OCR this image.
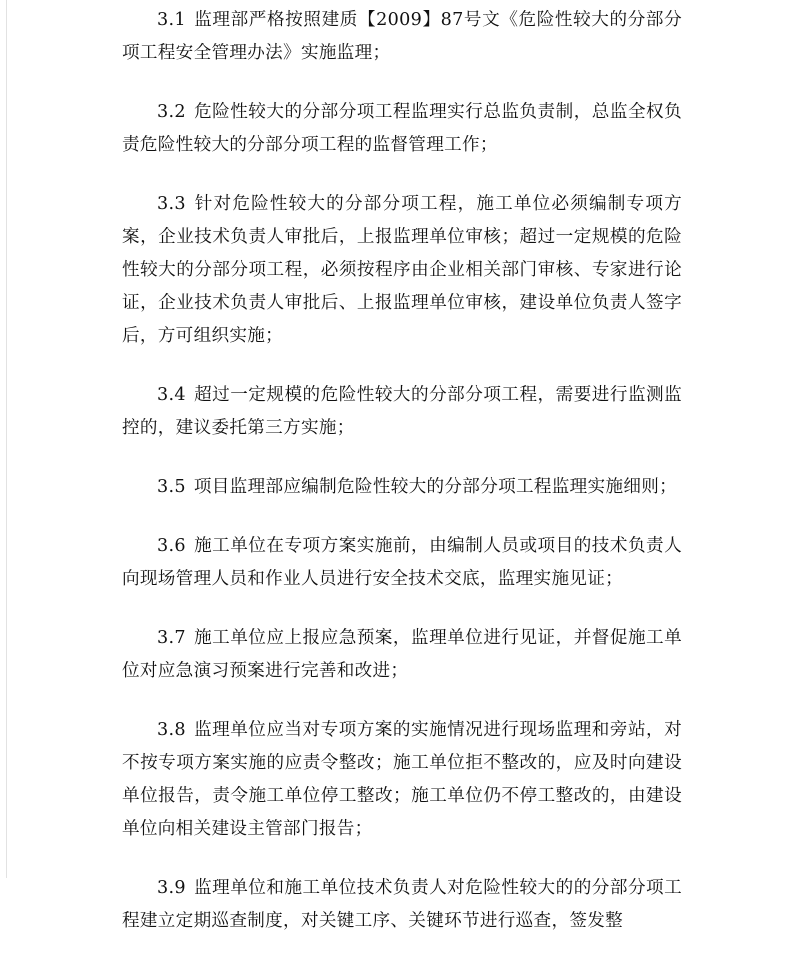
3.1 监理部严格按照建质【2009】87号文《危险性较大的分部分项工程安全管理办法》实施监理；

3.2 危险性较大的分部分项工程监理实行总监负责制，总监全权负责危险性较大的分部分项工程的监督管理工作；

3.3 针对危险性较大的分部分项工程，施工单位必须编制专项方案，企业技术负责人审批后，上报监理单位审核；超过一定规模的危险性较大的分部分项工程，必须按程序由企业相关部门审核、专家进行论证，企业技术负责人审批后、上报监理单位审核，建设单位负责人签字后，方可组织实施；

3.4 超过一定规模的危险性较大的分部分项工程，需要进行监测监控的，建议委托第三方实施；

3.5 项目监理部应编制危险性较大的分部分项工程监理实施细则；

3.6 施工单位在专项方案实施前，由编制人员或项目的技术负责人向现场管理人员和作业人员进行安全技术交底，监理实施见证；

3.7 施工单位应上报应急预案，监理单位进行见证，并督促施工单位对应急演习预案进行完善和改进；

3.8 监理单位应当对专项方案的实施情况进行现场监理和旁站，对不按专项方案实施的应责令整改；施工单位拒不整改的，应及时向建设单位报告，责令施工单位停工整改；施工单位仍不停工整改的，由建设单位向相关建设主管部门报告；

3.9 监理单位和施工单位技术负责人对危险性较大的的分部分项工程建立定期巡查制度，对关键工序、关键环节进行巡查，签发整
